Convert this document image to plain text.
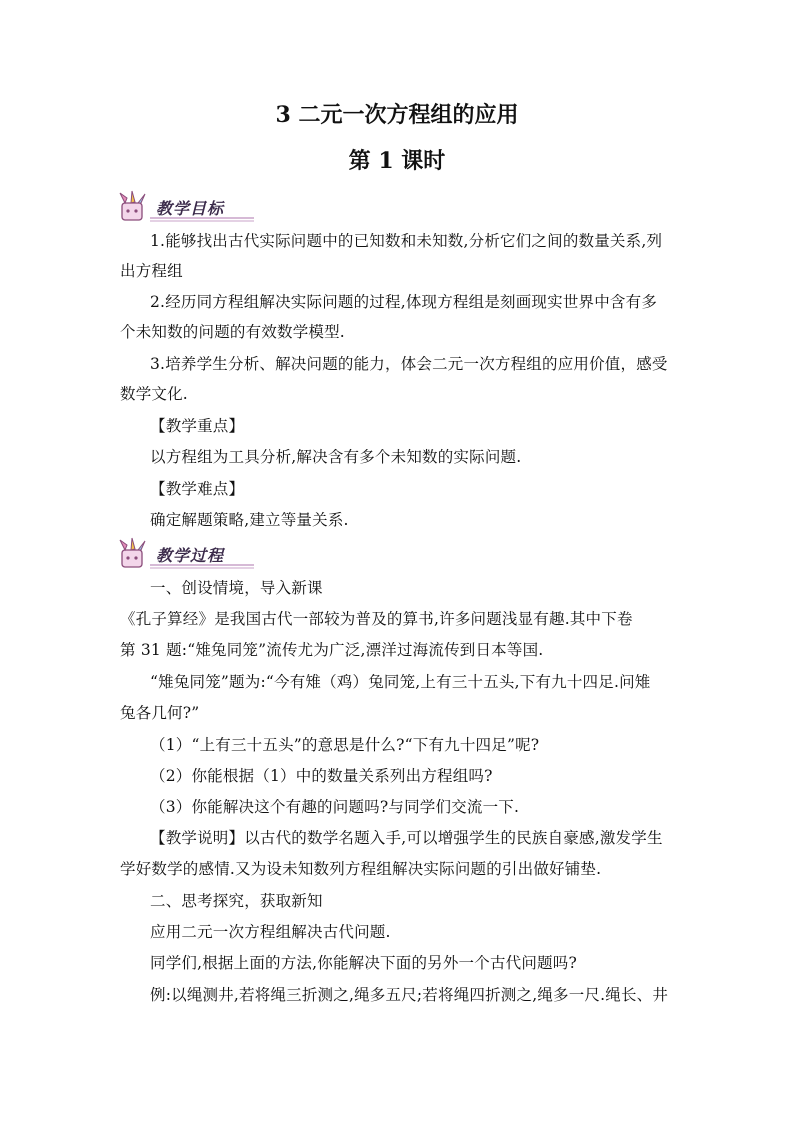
3 二元一次方程组的应用
第 1 课时
教学目标
教学过程
1.能够找出古代实际问题中的已知数和未知数,分析它们之间的数量关系,列
出方程组
2.经历同方程组解决实际问题的过程,体现方程组是刻画现实世界中含有多
个未知数的问题的有效数学模型.
3.培养学生分析、解决问题的能力，体会二元一次方程组的应用价值，感受
数学文化.
【教学重点】
以方程组为工具分析,解决含有多个未知数的实际问题.
【教学难点】
确定解题策略,建立等量关系.
一、创设情境，导入新课
《孔子算经》是我国古代一部较为普及的算书,许多问题浅显有趣.其中下卷
第 31 题:“雉兔同笼”流传尤为广泛,漂洋过海流传到日本等国.
“雉兔同笼”题为:“今有雉（鸡）兔同笼,上有三十五头,下有九十四足.问雉
兔各几何?”
（1）“上有三十五头”的意思是什么?“下有九十四足”呢?
（2）你能根据（1）中的数量关系列出方程组吗?
（3）你能解决这个有趣的问题吗?与同学们交流一下.
【教学说明】以古代的数学名题入手,可以增强学生的民族自豪感,激发学生
学好数学的感情.又为设未知数列方程组解决实际问题的引出做好铺垫.
二、思考探究，获取新知
应用二元一次方程组解决古代问题.
同学们,根据上面的方法,你能解决下面的另外一个古代问题吗?
例:以绳测井,若将绳三折测之,绳多五尺;若将绳四折测之,绳多一尺.绳长、井
